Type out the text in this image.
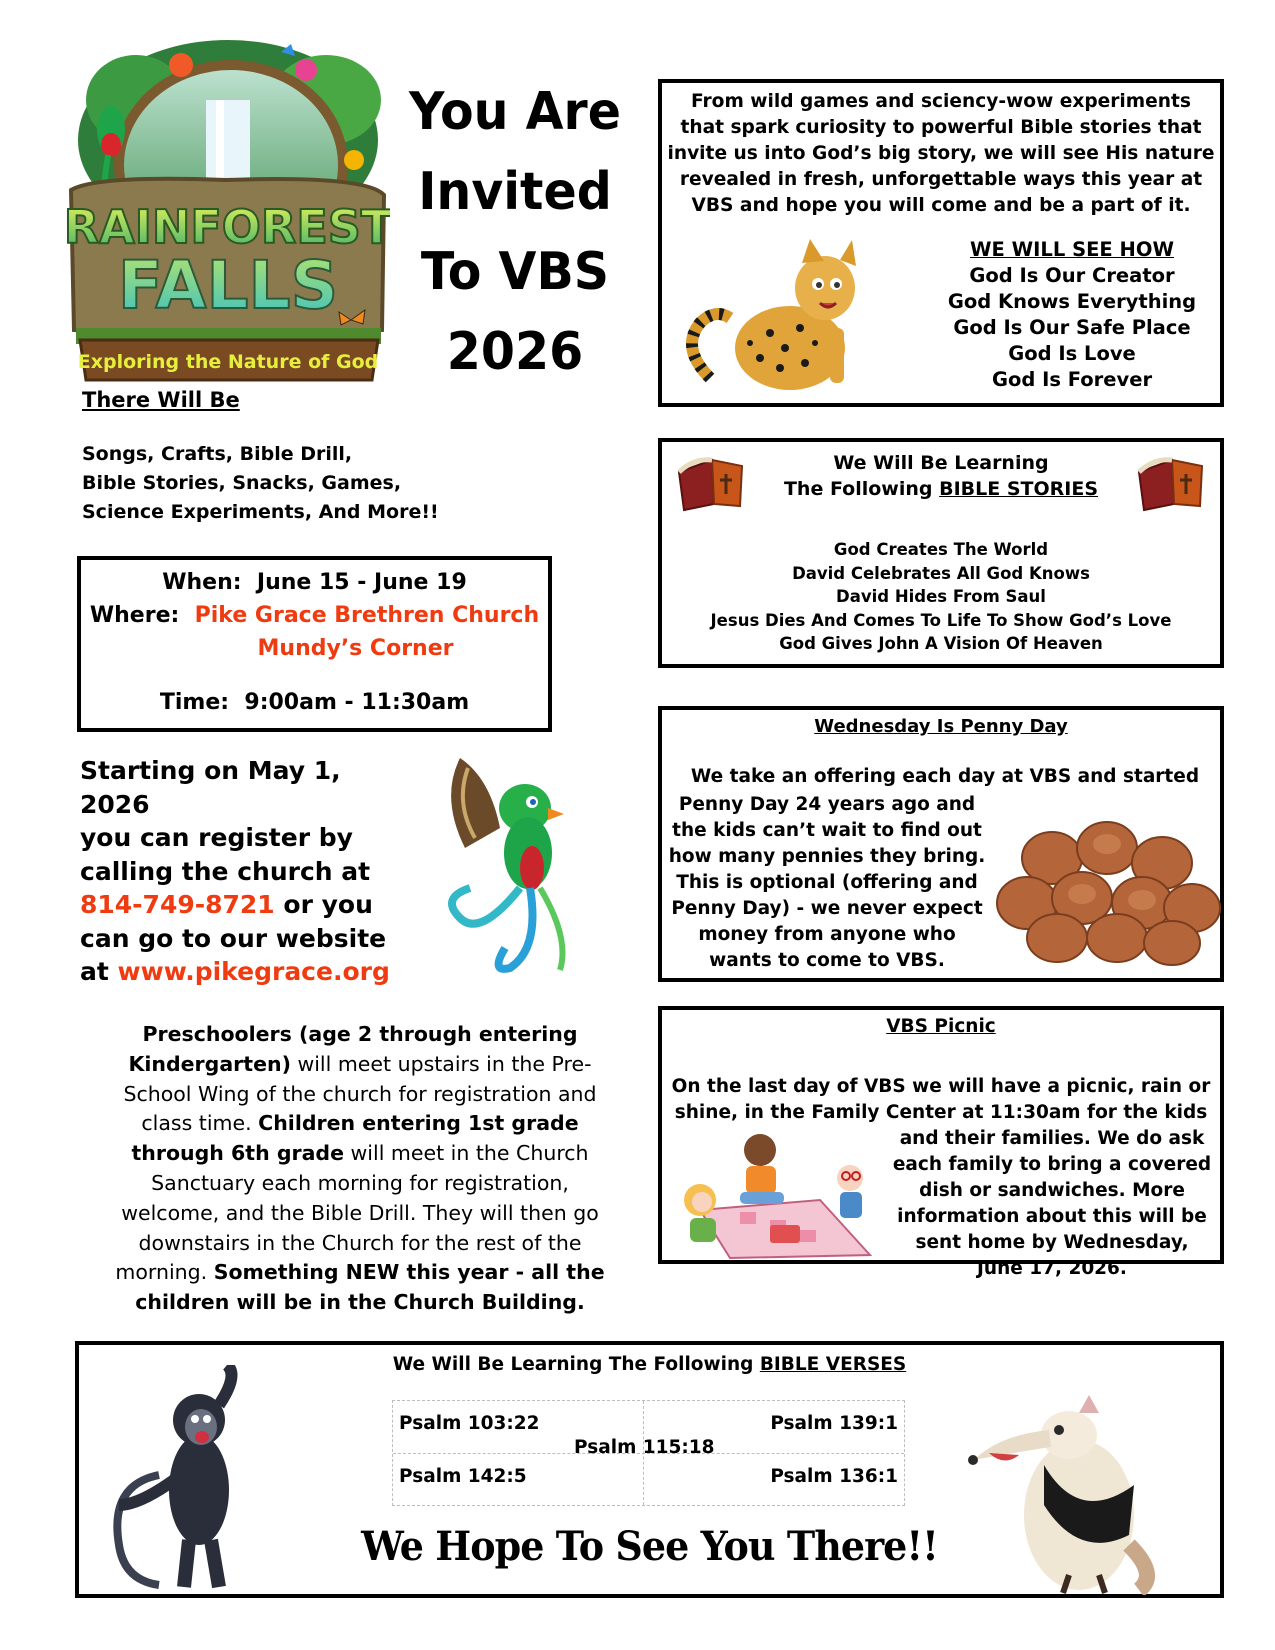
RAINFOREST
FALLS
Exploring the Nature of God
You Are
Invited
To VBS
2026
There Will Be
Songs, Crafts, Bible Drill,
Bible Stories, Snacks, Games,
Science Experiments, And More!!
When: June 15 - June 19
Where: Pike Grace Brethren Church
Mundy’s Corner
Time: 9:00am - 11:30am
Starting on May 1, 2026
you can register by
calling the church at
814-749-8721 or you
can go to our website
at www.pikegrace.org
Preschoolers (age 2 through entering Kindergarten) will meet upstairs in the Pre-School Wing of the church for registration and class time. Children entering 1st grade through 6th grade will meet in the Church Sanctuary each morning for registration, welcome, and the Bible Drill. They will then go downstairs in the Church for the rest of the morning. Something NEW this year - all the children will be in the Church Building.
From wild games and sciency-wow experiments
that spark curiosity to powerful Bible stories that
invite us into God’s big story, we will see His nature
revealed in fresh, unforgettable ways this year at
VBS and hope you will come and be a part of it.
WE WILL SEE HOW
God Is Our Creator
God Knows Everything
God Is Our Safe Place
God Is Love
God Is Forever
We Will Be Learning
The Following BIBLE STORIES
God Creates The World
David Celebrates All God Knows
David Hides From Saul
Jesus Dies And Comes To Life To Show God’s Love
God Gives John A Vision Of Heaven
Wednesday Is Penny Day
We take an offering each day at VBS and started
Penny Day 24 years ago and
the kids can’t wait to find out
how many pennies they bring.
This is optional (offering and
Penny Day) - we never expect
money from anyone who
wants to come to VBS.
VBS Picnic
On the last day of VBS we will have a picnic, rain or
shine, in the Family Center at 11:30am for the kids
and their families. We do ask
each family to bring a covered
dish or sandwiches. More
information about this will be
sent home by Wednesday,
June 17, 2026.
We Will Be Learning The Following BIBLE VERSES
Psalm 103:22	Psalm 139:1
Psalm 115:18
Psalm 142:5	Psalm 136:1
We Hope To See You There!!
